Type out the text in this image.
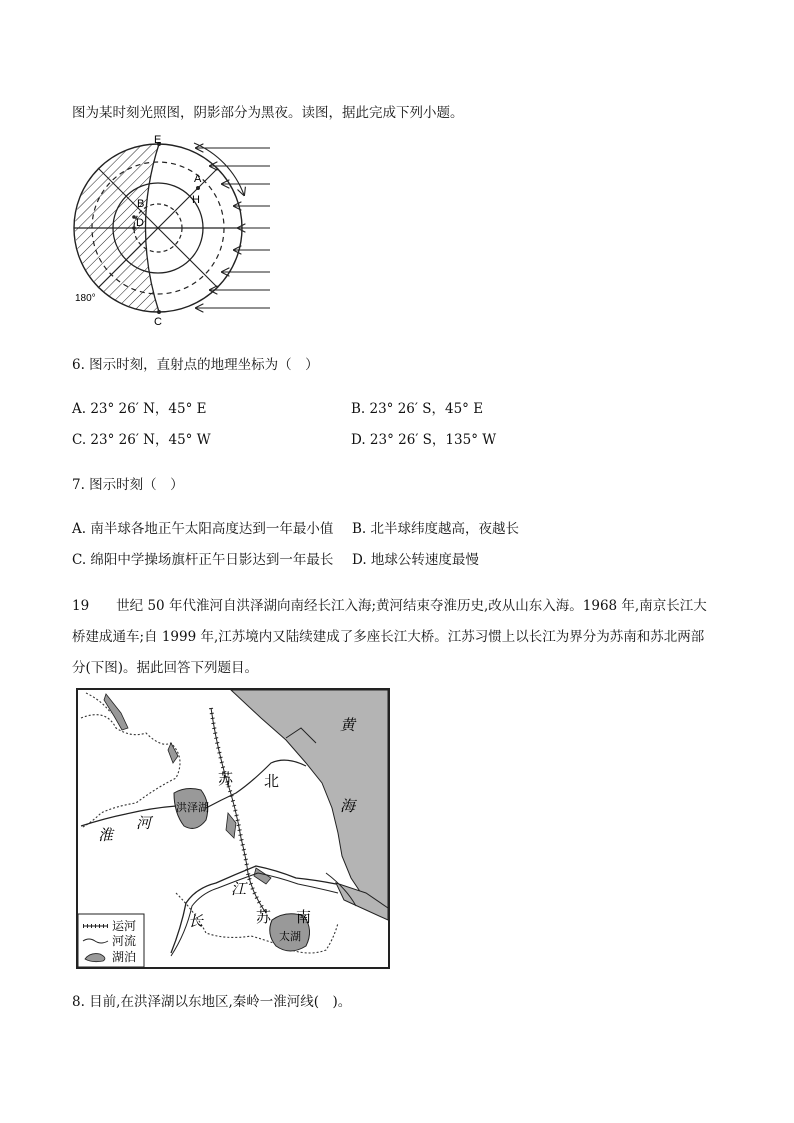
图为某时刻光照图，阴影部分为黑夜。读图，据此完成下列小题。
E
A
H
B
D
C
180°
6. 图示时刻，直射点的地理坐标为（　）
A. 23° 26′ N，45° E	B. 23° 26′ S，45° E
C. 23° 26′ N，45° W	D. 23° 26′ S，135° W
7. 图示时刻（　）
A. 南半球各地正午太阳高度达到一年最小值 B. 北半球纬度越高，夜越长
C. 绵阳中学操场旗杆正午日影达到一年最长 D. 地球公转速度最慢
19　　世纪 50 年代淮河自洪泽湖向南经长江入海;黄河结束夺淮历史,改从山东入海。1968 年,南京长江大
桥建成通车;自 1999 年,江苏境内又陆续建成了多座长江大桥。江苏习惯上以长江为界分为苏南和苏北两部
分(下图)。据此回答下列题目。
运河
河流
湖泊
黄
海
苏 北
洪泽湖
淮
河
苏 南
江
长
太湖
8. 目前,在洪泽湖以东地区,秦岭一淮河线(　)。
